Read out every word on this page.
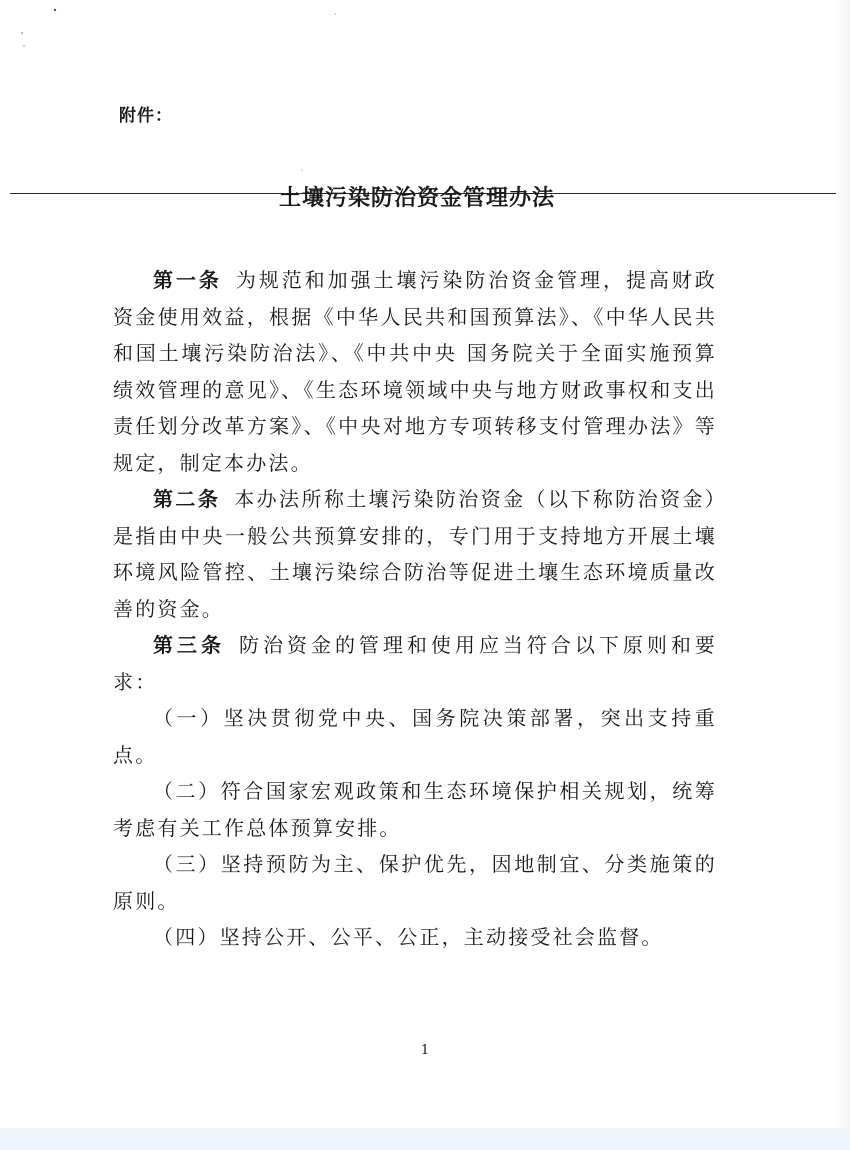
附件：
土壤污染防治资金管理办法

第一条 为规范和加强土壤污染防治资金管理，提高财政资金使用效益，根据《中华人民共和国预算法》、《中华人民共和国土壤污染防治法》、《中共中央 国务院关于全面实施预算绩效管理的意见》、《生态环境领域中央与地方财政事权和支出责任划分改革方案》、《中央对地方专项转移支付管理办法》等规定，制定本办法。

第二条 本办法所称土壤污染防治资金（以下称防治资金）是指由中央一般公共预算安排的，专门用于支持地方开展土壤环境风险管控、土壤污染综合防治等促进土壤生态环境质量改善的资金。

第三条 防治资金的管理和使用应当符合以下原则和要求：

（一）坚决贯彻党中央、国务院决策部署，突出支持重点。

（二）符合国家宏观政策和生态环境保护相关规划，统筹考虑有关工作总体预算安排。

（三）坚持预防为主、保护优先，因地制宜、分类施策的原则。

（四）坚持公开、公平、公正，主动接受社会监督。

1
